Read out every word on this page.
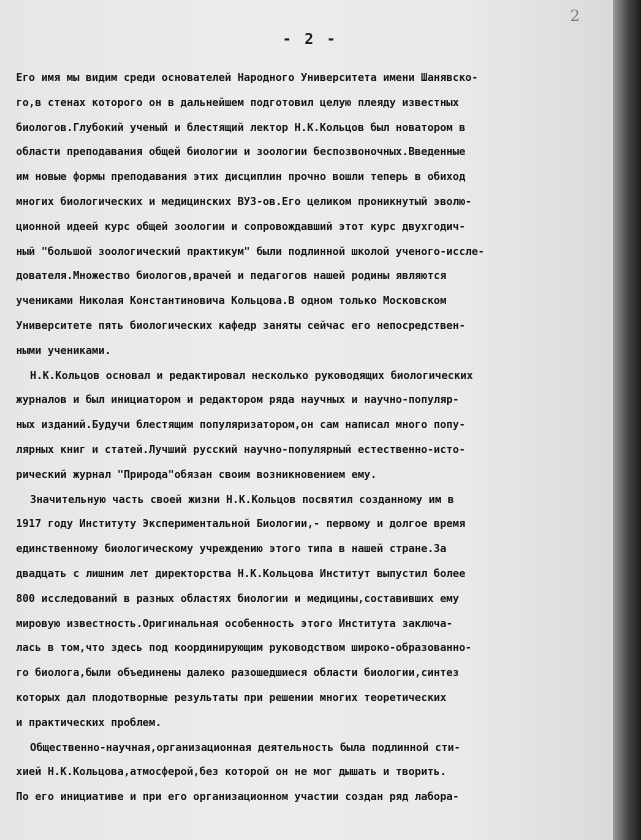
2
- 2 -
Его имя мы видим среди основателей Народного Университета имени Шанявско-
го,в стенах которого он в дальнейшем подготовил целую плеяду известных
биологов.Глубокий ученый и блестящий лектор Н.К.Кольцов был новатором в
области преподавания общей биологии и зоологии беспозвоночных.Введенные
им новые формы преподавания этих дисциплин прочно вошли теперь в обиход
многих биологических и медицинских ВУЗ-ов.Его целиком проникнутый эволю-
ционной идеей курс общей зоологии и сопровождавший этот курс двухгодич-
ный "большой зоологический практикум" были подлинной школой ученого-иссле-
дователя.Множество биологов,врачей и педагогов нашей родины являются
учениками Николая Константиновича Кольцова.В одном только Московском
Университете пять биологических кафедр заняты сейчас его непосредствен-
ными учениками.
Н.К.Кольцов основал и редактировал несколько руководящих биологических
журналов и был инициатором и редактором ряда научных и научно-популяр-
ных изданий.Будучи блестящим популяризатором,он сам написал много попу-
лярных книг и статей.Лучший русский научно-популярный естественно-исто-
рический журнал "Природа"обязан своим возникновением ему.
Значительную часть своей жизни Н.К.Кольцов посвятил созданному им в
1917 году Институту Экспериментальной Биологии,- первому и долгое время
единственному биологическому учреждению этого типа в нашей стране.За
двадцать с лишним лет директорства Н.К.Кольцова Институт выпустил более
800 исследований в разных областях биологии и медицины,составивших ему
мировую известность.Оригинальная особенность этого Института заключа-
лась в том,что здесь под координирующим руководством широко-образованно-
го биолога,были объединены далеко разошедшиеся области биологии,синтез
которых дал плодотворные результаты при решении многих теоретических
и практических проблем.
Общественно-научная,организационная деятельность была подлинной сти-
хией Н.К.Кольцова,атмосферой,без которой он не мог дышать и творить.
По его инициативе и при его организационном участии создан ряд лабора-
